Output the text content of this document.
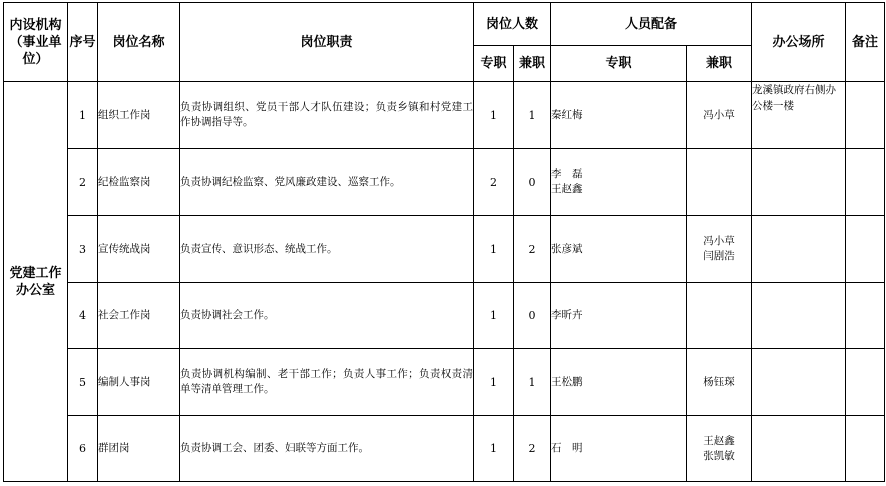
内设机构（事业单位）	序号	岗位名称	岗位职责	岗位人数		人员配备		办公场所	备注
				专职	兼职	专职	兼职		
党建工作办公室	1	组织工作岗	负责协调组织、党员干部人才队伍建设；负责乡镇和村党建工作协调指导等。	1	1	秦红梅	冯小草	龙溪镇政府右侧办公楼一楼	
	2	纪检监察岗	负责协调纪检监察、党风廉政建设、巡察工作。	2	0	李　磊
王赵鑫			

	3	宣传统战岗	负责宣传、意识形态、统战工作。	1	2	张彦斌	冯小草
闫剧浩		

	4	社会工作岗	负责协调社会工作。	1	0	李昕卉			

	5	编制人事岗	负责协调机构编制、老干部工作；负责人事工作；负责权责清单等清单管理工作。	1	1	王松鹏	杨钰琛		

	6	群团岗	负责协调工会、团委、妇联等方面工作。	1	2	石　明	王赵鑫
张凯敏		
